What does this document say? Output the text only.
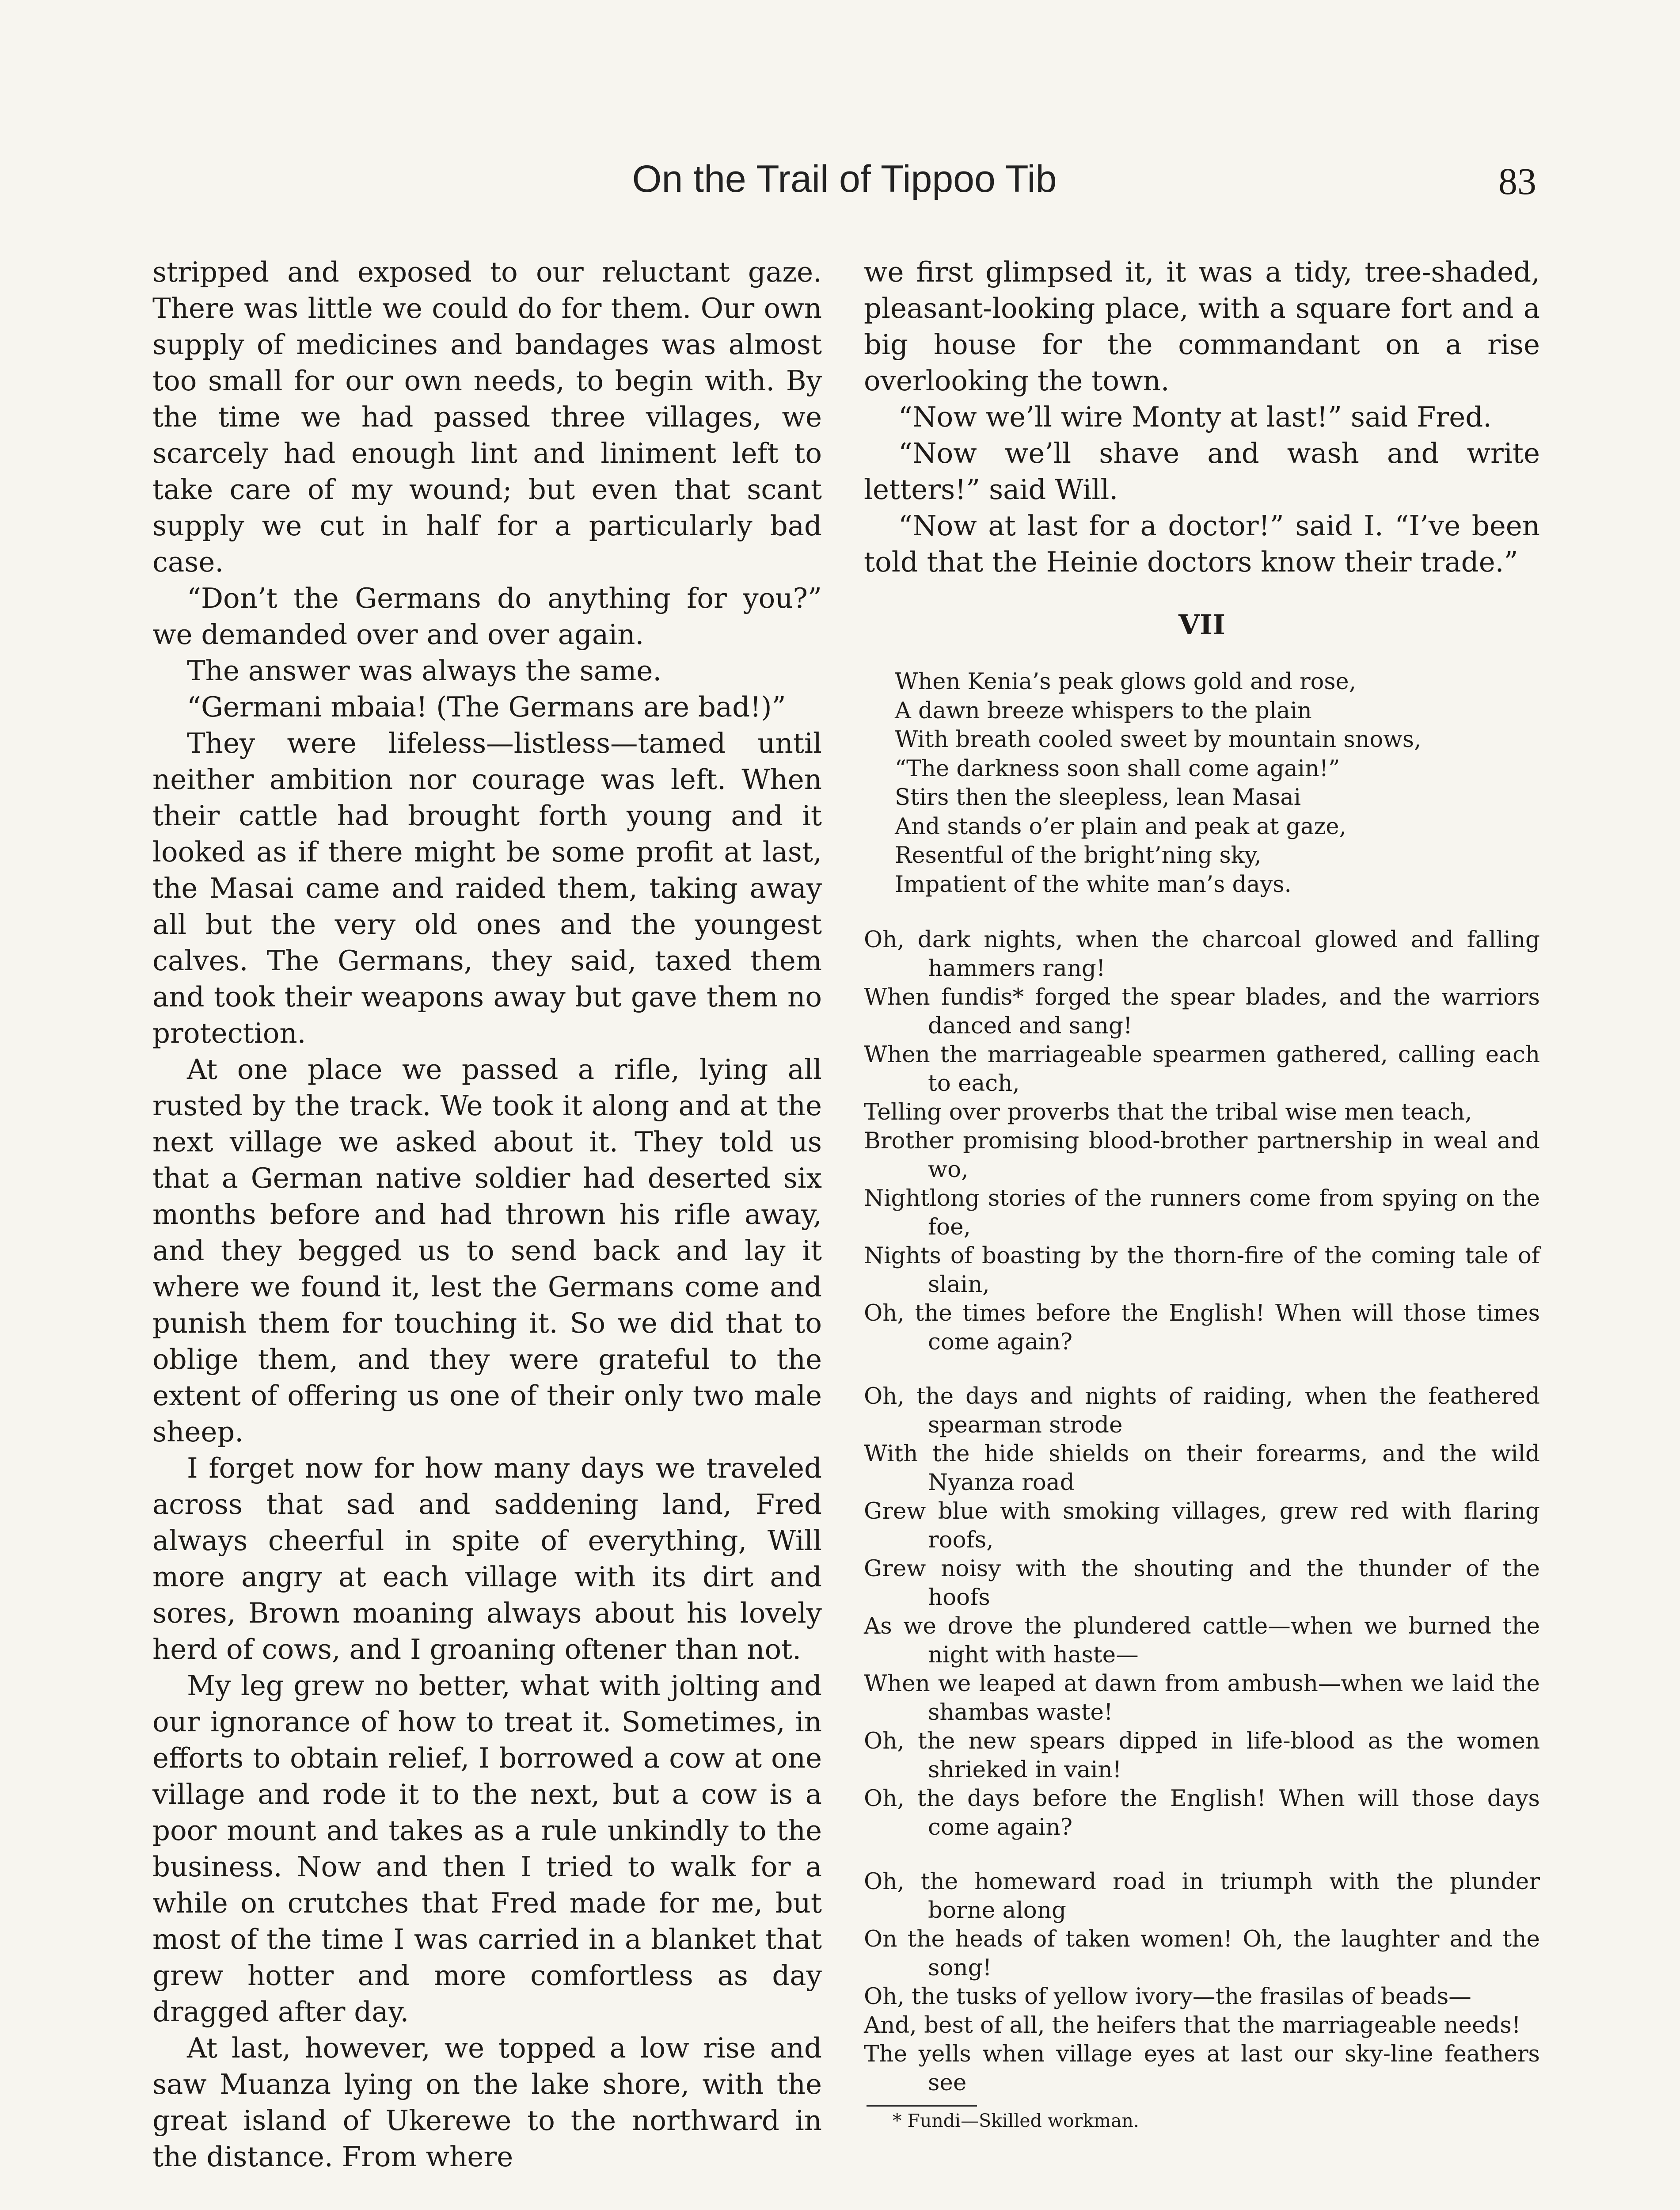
On the Trail of Tippoo Tib	83

stripped and exposed to our reluctant gaze. There was little we could do for them. Our own supply of medicines and bandages was almost too small for our own needs, to begin with. By the time we had passed three villages, we scarcely had enough lint and liniment left to take care of my wound; but even that scant supply we cut in half for a particularly bad case.

“Don’t the Germans do anything for you?” we demanded over and over again.

The answer was always the same.

“Germani mbaia! (The Germans are bad!)”

They were lifeless—listless—tamed until neither ambition nor courage was left. When their cattle had brought forth young and it looked as if there might be some profit at last, the Masai came and raided them, taking away all but the very old ones and the youngest calves. The Germans, they said, taxed them and took their weapons away but gave them no protection.

At one place we passed a rifle, lying all rusted by the track. We took it along and at the next village we asked about it. They told us that a German native soldier had deserted six months before and had thrown his rifle away, and they begged us to send back and lay it where we found it, lest the Germans come and punish them for touching it. So we did that to oblige them, and they were grateful to the extent of offering us one of their only two male sheep.

I forget now for how many days we traveled across that sad and saddening land, Fred always cheerful in spite of everything, Will more angry at each village with its dirt and sores, Brown moaning always about his lovely herd of cows, and I groaning oftener than not.

My leg grew no better, what with jolting and our ignorance of how to treat it. Sometimes, in efforts to obtain relief, I borrowed a cow at one village and rode it to the next, but a cow is a poor mount and takes as a rule unkindly to the business. Now and then I tried to walk for a while on crutches that Fred made for me, but most of the time I was carried in a blanket that grew hotter and more comfortless as day dragged after day.

At last, however, we topped a low rise and saw Muanza lying on the lake shore, with the great island of Ukerewe to the northward in the distance. From where

we first glimpsed it, it was a tidy, tree-shaded, pleasant-looking place, with a square fort and a big house for the commandant on a rise overlooking the town.

“Now we’ll wire Monty at last!” said Fred.

“Now we’ll shave and wash and write letters!” said Will.

“Now at last for a doctor!” said I. “I’ve been told that the Heinie doctors know their trade.”

VII
When Kenia’s peak glows gold and rose,
A dawn breeze whispers to the plain
With breath cooled sweet by mountain snows,
“The darkness soon shall come again!”
Stirs then the sleepless, lean Masai
And stands o’er plain and peak at gaze,
Resentful of the bright’ning sky,
Impatient of the white man’s days.
Oh, dark nights, when the charcoal glowed and falling hammers rang!
When fundis* forged the spear blades, and the warriors danced and sang!
When the marriageable spearmen gathered, calling each to each,
Telling over proverbs that the tribal wise men teach,
Brother promising blood-brother partnership in weal and wo,
Nightlong stories of the runners come from spying on the foe,
Nights of boasting by the thorn-fire of the coming tale of slain,
Oh, the times before the English! When will those times come again?
Oh, the days and nights of raiding, when the feathered spearman strode
With the hide shields on their forearms, and the wild Nyanza road
Grew blue with smoking villages, grew red with flaring roofs,
Grew noisy with the shouting and the thunder of the hoofs
As we drove the plundered cattle—when we burned the night with haste—
When we leaped at dawn from ambush—when we laid the shambas waste!
Oh, the new spears dipped in life-blood as the women shrieked in vain!
Oh, the days before the English! When will those days come again?
Oh, the homeward road in triumph with the plunder borne along
On the heads of taken women! Oh, the laughter and the song!
Oh, the tusks of yellow ivory—the frasilas of beads—
And, best of all, the heifers that the marriageable needs!
The yells when village eyes at last our sky-line feathers see
* Fundi—Skilled workman.
